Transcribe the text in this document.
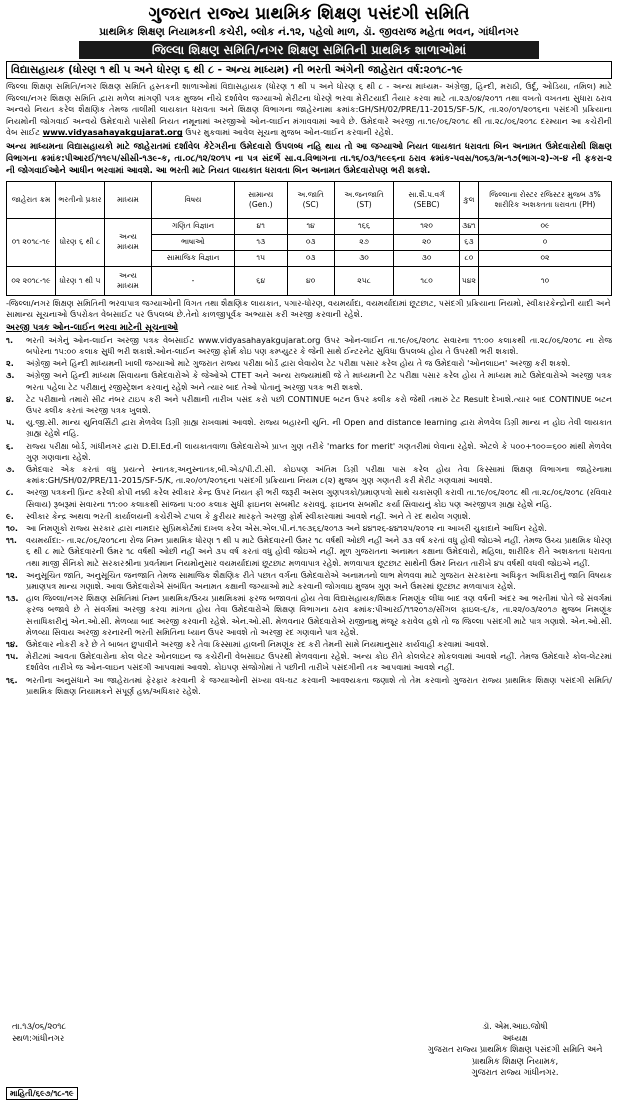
ગુજરાત રાજ્ય પ્રાથમિક શિક્ષણ પસંદગી સમિતિ
પ્રાથમિક શિક્ષણ નિયામકની કચેરી, બ્લોક નં.૧૨, પહેલો માળ, ડૉ. જીવરાજ મહેતા ભવન, ગાંધીનગર
જિલ્લા શિક્ષણ સમિતિ/નગર શિક્ષણ સમિતિની પ્રાથમિક શાળાઓમાં
વિદ્યાસહાયક (ધોરણ ૧ થી ૫ અને ધોરણ ૬ થી ૮ - અન્ય માધ્યમ) ની ભરતી અંગેની જાહેરાત વર્ષ:૨૦૧૮-૧૯
જિલ્લા શિક્ષણ સમિતિ/નગર શિક્ષણ સમિતિ હસ્તકની શાળાઓમાં વિદ્યાસહાયક (ધોરણ ૧ થી ૫ અને ધોરણ ૬ થી ૮ - અન્ય માધ્યમ- અંગ્રેજી, હિન્દી, મરાઠી, ઉર્દૂ, ઓડિયા, તમિલ) માટે જિલ્લા/નગર શિક્ષણ સમિતિ દ્વારા મળેલ માંગણી પત્રક મુજબ નીચે દર્શાવેલ જગ્યાઓ મેરીટના ધોરણે ભરવા મેરીટયાદી તૈયાર કરવા માટે તા.૨૩/૦૪/૨૦૧૧ તથા વખતો વખતના સુધારા ઠરાવ અન્વયે નિયત કરેલ શૈક્ષણિક તેમજ તાલીમી લાયકાત ધરાવતા અને શિક્ષણ વિભાગના જાહેરનામા ક્રમાંક:GH/SH/02/PRE/11-2015/SF-5/K, તા.૨૦/૦૧/૨૦૧૬ના પસંદગી પ્રક્રિયાના નિયમોની જોગવાઈ અન્વયે ઉમેદવારો પાસેથી નિયત નમૂનામાં અરજીઓ ઓન-લાઈન મંગાવવામાં આવે છે. ઉમેદવારે અરજી તા.૧૯/૦૬/૨૦૧૮ થી તા.૨૮/૦૬/૨૦૧૮ દરમ્યાન આ કચેરીની વેબ સાઈટ www.vidyasahayakgujarat.org ઉપર મુકવામાં આવેલ સૂચના મુજબ ઓન-લાઈન કરવાની રહેશે.
અન્ય માધ્યમના વિદ્યાસહાયકો માટે જાહેરાતમાં દર્શાવેલ કેટેગરીના ઉમેદવારો ઉપલબ્ધ નહિ થાય તો આ જગ્યાઓ નિયત લાયકાત ધરાવતા બિન અનામત ઉમેદવારોથી શિક્ષણ વિભાગના ક્રમાંક:પીઆરઈ/૧૧૯૫/સીસી-૧૩૯-ક, તા.૦૮/૧૨/૨૦૧૫ ના પત્ર સંદર્ભે સા.વ.વિભાગના તા.૧૬/૦૩/૧૯૯૬ના ઠરાવ ક્રમાંક-પવસ/૧૦૬૩/મ-૧૭(ભાગ-૨)-ગ-૪ ની ફકરા-૨ ની જોગવાઈઓને આધીન ભરવામાં આવશે. આ ભરતી માટે નિયત લાયકાત ધરાવતા બિન અનામત ઉમેદવારોપણ ભરી શકશે.
જાહેરાત ક્રમ	ભરતીનો પ્રકાર	માધ્યમ	વિષય	સામાન્ય (Gen.)	અ.જાતિ (SC)	અ.જનજાતિ (ST)	સા.શૈ.પ.વર્ગ (SEBC)	કુલ	જિલ્લાના રોસ્ટર રજિસ્ટર મુજબ ૩% શારીરિક અશક્તતા ધરાવતા (PH)
૦૧ ૨૦૧૮-૧૯	ધોરણ ૬ થી ૮	અન્ય માધ્યમ	ગણિત વિજ્ઞાન	૪૧	૧૪	૧૬૬	૧૨૦	૩૪૧	૦૯
			ભાષાઓ	૧૩	૦૩	૨૭	૨૦	૬૩	૦
			સામાજિક વિજ્ઞાન	૧૫	૦૩	૩૦	૩૦	૮૦	૦૨
૦૨ ૨૦૧૮-૧૯	ધોરણ ૧ થી ૫	અન્ય માધ્યમ	-	૬૪	૪૦	૨૫૮	૧૮૦	૫૪૨	૧૦
-જિલ્લા/નગર શિક્ષણ સમિતિની ભરવાપાત્ર જગ્યાઓની વિગત તથા શૈક્ષણિક લાયકાત, પગાર-ધોરણ, વયમર્યાદા, વયમર્યાદામાં છૂટછાટ, પસંદગી પ્રક્રિયાના નિયમો, સ્વીકારકેન્દ્રોની યાદી અને સામાન્ય સૂચનાઓ ઉપરોક્ત વેબસાઈટ પર ઉપલબ્ધ છે.તેનો કાળજીપૂર્વક અભ્યાસ કરી અરજી કરવાની રહેશે.
અરજી પત્રક ઓન-લાઈન ભરવા માટેની સૂચનાઓ
૧.	ભરતી અંગેનું ઓન-લાઈન અરજી પત્રક વેબસાઈટ www.vidyasahayakgujarat.org ઉપર ઓન-લાઈન તા.૧૯/૦૬/૨૦૧૮ સવારના ૧૧:૦૦ કલાકથી તા.૨૮/૦૬/૨૦૧૮ ના રોજ બપોરના ૧૫:૦૦ કલાક સુધી ભરી શકાશે.ઓન-લાઈન અરજી ફોર્મ કોઇ પણ કમ્પ્યુટર કે જેની સાથે ઈન્ટરનેટ સુવિધા ઉપલબ્ધ હોય તે ઉપરથી ભરી શકાશે.
૨.	અંગ્રેજી અને હિન્દી માધ્યમની ખાલી જગ્યાઓ માટે ગુજરાત રાજ્ય પરીક્ષા બોર્ડ દ્વારા લેવાયેલ ટેટ પરીક્ષા પસાર કરેલ હોય તે જ ઉમેદવારો 'ઓનલાઇન' અરજી કરી શકશે.
૩.	અંગ્રેજી અને હિન્દી માધ્યમ સિવાયના ઉમેદવારોએ કે જેઓએ CTET અને અન્ય રાજ્યમાંથી જે તે માધ્યમની ટેટ પરીક્ષા પસાર કરેલ હોય તે માધ્યમ માટે ઉમેદવારોએ અરજી પત્રક ભરતા પહેલા ટેટ પરીક્ષાનું રજીસ્ટ્રેશન કરવાનું રહેશે અને ત્યાર બાદ તેઓ પોતાનું અરજી પત્રક ભરી શકશે.
૪.	ટેટ પરીક્ષાનો તમારો સીટ નંબર ટાઇપ કરી અને પરીક્ષાની તારીખ પસંદ કરો પછી CONTINUE બટન ઉપર ક્લીક કરો જેથી તમારું ટેટ Result દેખાશે.ત્યાર બાદ CONTINUE બટન ઉપર ક્લીક કરતાં અરજી પત્રક ખુલશે.
૫.	યુ.જી.સી. માન્ય યુનિવર્સિટી દ્વારા મેળવેલ ડિગ્રી ગ્રાહ્ય રાખવામાં આવશે. રાજ્ય બહારની યુનિ. ની Open and distance learning દ્વારા મેળવેલ ડિગ્રી માન્ય ન હોઇ તેવી લાયકાત ગ્રાહ્ય રહેશે નહિ.
૬.	રાજ્ય પરીક્ષા બોર્ડ, ગાંધીનગર દ્વારા D.El.Ed.ની લાયકાતવાળા ઉમેદવારોએ પ્રાપ્ત ગુણ તરીકે 'marks for merit' ગણતરીમાં લેવાના રહેશે. એટલે કે ૫૦૦+૧૦૦=૬૦૦ માંથી મેળવેલ ગુણ ગણવાના રહેશે.
૭.	ઉમેદવાર એક કરતાં વધુ પ્રયત્ને સ્નાતક,અનુસ્નાતક,બી.એડ/પી.ટી.સી. કોઇપણ અંતિમ ડિગ્રી પરીક્ષા પાસ કરેલ હોય તેવા કિસ્સામાં શિક્ષણ વિભાગના જાહેરનામા ક્રમાંક:GH/SH/02/PRE/11-2015/SF-5/K, તા.૨૦/૦૧/૨૦૧૬ના પસંદગી પ્રક્રિયાના નિયમ ૮(૨) મુજબ ગુણ ગણતરી કરી મેરીટ ગણવામાં આવશે.
૮.	અરજી પત્રકની પ્રિન્ટ કરેલી કોપી નક્કી કરેલ સ્વીકાર કેન્દ્ર ઉપર નિયત ફી ભરી જરૂરી અસલ ગુણપત્રકો/પ્રમાણપત્રો સાથે ચકાસણી કરાવી તા.૧૯/૦૬/૨૦૧૮ થી તા.૨૮/૦૬/૨૦૧૮ (રવિવાર સિવાય) રૂબરૂમાં સવારના ૧૧:૦૦ કલાકથી સાંજના ૫:૦૦ કલાક સુધી ફાઇનલ સબમીટ કરાવવું. ફાઇનલ સબમીટ કર્યા સિવાયનું કોઇ પણ અરજીપત્ર ગ્રાહ્ય રહેશે નહિ.
૯.	સ્વીકાર કેન્દ્ર અથવા ભરતી કાર્યાલયની કચેરીએ ટપાલ કે કુરીયર મારફતે અરજી ફોર્મ સ્વીકારવામાં આવશે નહીં. અને તે રદ થયેલ ગણાશે.
૧૦. આ નિમણૂકો રાજ્ય સરકાર દ્વારા નામદાર સુપ્રિમકોર્ટમાં દાખલ કરેલ એસ.એલ.પી.નં.૧૯૩૬૬/૨૦૧૩ અને ૪૪૧૨૬-૪૪૧૨૫/૨૦૧૨ ના આખરી ચુકાદાને આધિન રહેશે.
૧૧.	વયમર્યાદા:- તા.૨૮/૦૬/૨૦૧૮ના રોજ નિમ્ન પ્રાથમિક ધોરણ ૧ થી ૫ માટે ઉમેદવારની ઉંમર ૧૮ વર્ષથી ઓછી નહીં અને ૩૩ વર્ષ કરતાં વધુ હોવી જોઇએ નહીં. તેમજ ઉચ્ચ પ્રાથમિક ધોરણ ૬ થી ૮ માટે ઉમેદવારની ઉંમર ૧૮ વર્ષથી ઓછી નહીં અને ૩૫ વર્ષ કરતાં વધુ હોવી જોઇએ નહીં. મૂળ ગુજરાતના અનામત કક્ષાના ઉમેદવારો, મહિલા, શારીરિક રીતે અશક્તતા ધરાવતા તથા માજી સૈનિકો માટે સરકારશ્રીના પ્રવર્તમાન નિયમોનુસાર વયમર્યાદામાં છૂટછાટ મળવાપાત્ર રહેશે. મળવાપાત્ર છૂટછાટ સાથેની ઉંમર નિયત તારીખે ૪૫ વર્ષથી વધવી જોઇએ નહીં.
૧૨.	અનુસૂચિત જાતિ, અનુસૂચિત જનજાતિ તેમજ સામાજિક શૈક્ષણિક રીતે પછાત વર્ગના ઉમેદવારોએ અનામતનો લાભ મેળવવા માટે ગુજરાત સરકારના અધિકૃત અધિકારીનું જાતિ વિષયક પ્રમાણપત્ર માન્ય ગણાશે. આવા ઉમેદવારોએ સંબંધિત અનામત કક્ષાની જગ્યાઓ માટે કરવાની જોગવાઇ મુજબ ગુણ અને ઉંમરમાં છૂટછાટ મળવાપાત્ર રહેશે.
૧૩. હાલ જિલ્લા/નગર શિક્ષણ સમિતિમાં નિમ્ન પ્રાથમિક/ઉચ્ચ પ્રાથમિકમાં ફરજ બજાવતાં હોય તેવા વિદ્યાસહાયક/શિક્ષક નિમણૂંક લીધા બાદ ત્રણ વર્ષની અંદર આ ભરતીમાં પોતે જે સંવર્ગમાં ફરજ બજાવે છે તે સંવર્ગમાં અરજી કરવા માંગતા હોય તેવા ઉમેદવારોએ શિક્ષણ વિભાગના ઠરાવ ક્રમાંક:પીઆરઈ/૧૧૨૦૧૭/સીંગલ ફાઇલ-૬/ક, તા.૨૨/૦૩/૨૦૧૭ મુજબ નિમણૂંક સત્તાધિકારીનું એન.ઓ.સી. મેળવ્યા બાદ અરજી કરવાની રહેશે. એન.ઓ.સી. મેળવનાર ઉમેદવારોએ રાજીનામુ મંજૂર કરાવેલ હશે તો જ જિલ્લા પસંદગી માટે પાત્ર ગણાશે. એન.ઓ.સી. મેળવ્યા સિવાય અરજી કરનારની ભરતી સમિતિના ધ્યાન ઉપર આવશે તો અરજી રદ ગણવાને પાત્ર રહેશે.
૧૪. ઉમેદવાર નોકરી કરે છે તે બાબત છુપાવીને અરજી કરે તેવા કિસ્સામાં હાલની નિમણૂંક રદ કરી તેમની સામે નિયમાનુસાર કાર્યવાહી કરવામાં આવશે.
૧૫. મેરીટમાં આવતા ઉમેદવારોના કોલ લેટર ઓનલાઇન જ કચેરીની વેબસાઇટ ઉપરથી મેળવવાના રહેશે. અન્ય કોઇ રીતે કોલલેટર મોકલવામાં આવશે નહીં. તેમજ ઉમેદવારે કોલ-લેટરમાં દર્શાવેલ તારીખે જ ઓન-લાઇન પસંદગી આપવામાં આવશે. કોઇપણ સંજોગોમાં તે પછીની તારીખે પસંદગીની તક આપવામાં આવશે નહીં.
૧૬.	ભરતીના અનુસંધાને આ જાહેરાતમાં ફેરફાર કરવાની કે જગ્યાઓની સંખ્યા વધ-ઘટ કરવાની આવશ્યકતા જણાશે તો તેમ કરવાનો ગુજરાત રાજ્ય પ્રાથમિક શિક્ષણ પસંદગી સમિતિ/પ્રાથમિક શિક્ષણ નિયામકને સંપૂર્ણ હક્ક/અધિકાર રહેશે.
તા.૧૩/૦૬/૨૦૧૮
સ્થળ:ગાંધીનગર
ડૉ. એમ.આઇ.જોષી
અધ્યક્ષ
ગુજરાત રાજ્ય પ્રાથમિક શિક્ષણ પસંદગી સમિતિ અને
પ્રાથમિક શિક્ષણ નિયામક,
ગુજરાત રાજ્ય ગાંધીનગર.
માહિતી/૬૯૭/૧૮-૧૯
